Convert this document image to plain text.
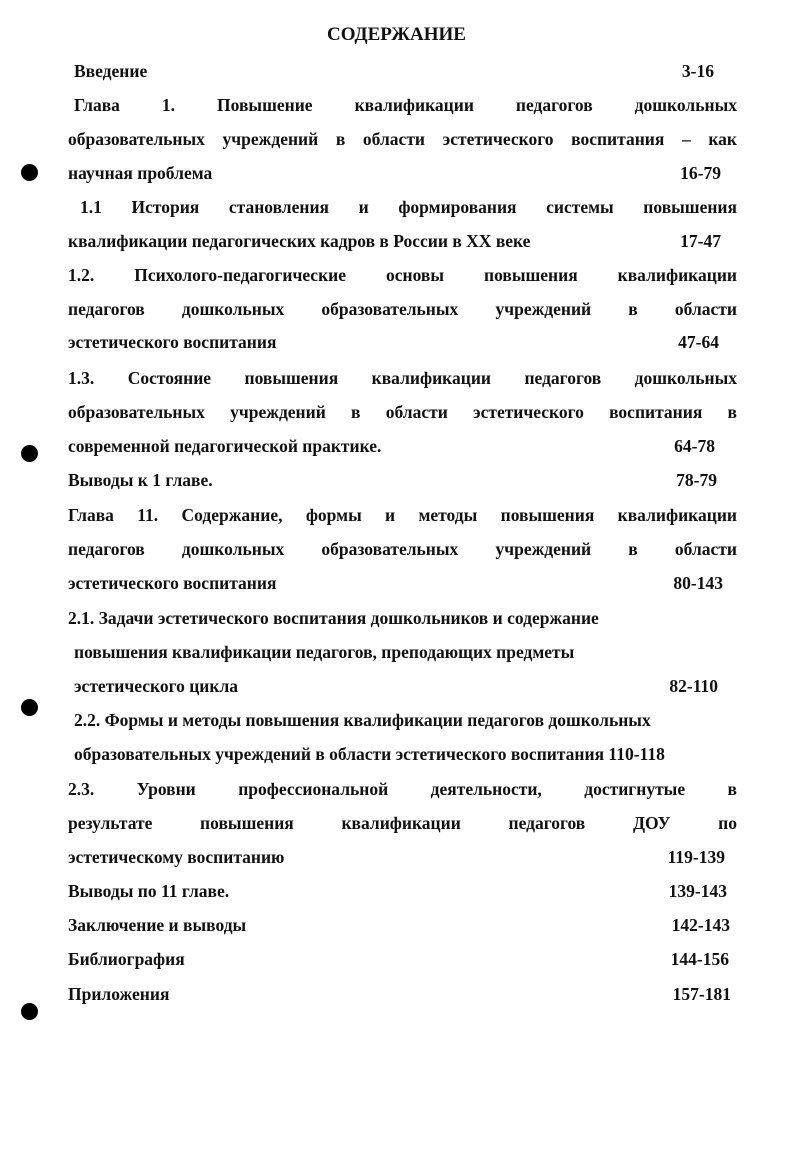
СОДЕРЖАНИЕ
Введение	3-16
Глава 1. Повышение квалификации педагогов дошкольных
образовательных учреждений в области эстетического воспитания – как
научная проблема	16-79
1.1 История становления и формирования системы повышения
квалификации педагогических кадров в России в XX веке	17-47
1.2. Психолого-педагогические основы повышения квалификации
педагогов дошкольных образовательных учреждений в области
эстетического воспитания	47-64
1.3. Состояние повышения квалификации педагогов дошкольных
образовательных учреждений в области эстетического воспитания в
современной педагогической практике.	64-78
Выводы к 1 главе.	78-79
Глава 11. Содержание, формы и методы повышения квалификации
педагогов дошкольных образовательных учреждений в области
эстетического воспитания	80-143
2.1. Задачи эстетического воспитания дошкольников и содержание
повышения квалификации педагогов, преподающих предметы
эстетического цикла	82-110
2.2. Формы и методы повышения квалификации педагогов дошкольных
образовательных учреждений в области эстетического воспитания 110-118
2.3. Уровни профессиональной деятельности, достигнутые в
результате повышения квалификации педагогов ДОУ по
эстетическому воспитанию	119-139
Выводы по 11 главе.	139-143
Заключение и выводы	142-143
Библиография	144-156
Приложения	157-181
